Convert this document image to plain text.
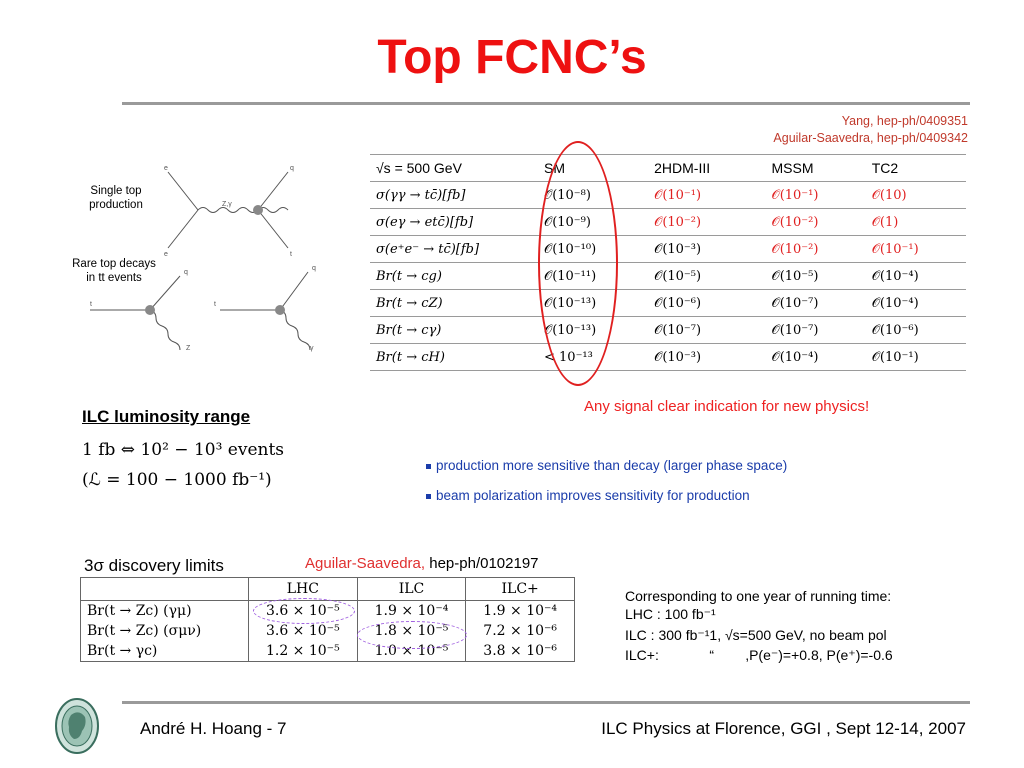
Top FCNC’s
Yang, hep-ph/0409351
Aguilar-Saavedra, hep-ph/0409342
Single top
production
Rare top decays
in tt events
e
e
Z,γ
q
t
t
q
Z
t
q
γ
√s = 500 GeV	SM	2HDM-III	MSSM	TC2
σ(γγ → tc̄)[fb]	𝒪(10⁻⁸)	𝒪(10⁻¹)	𝒪(10⁻¹)	𝒪(10)
σ(eγ → etc̄)[fb]	𝒪(10⁻⁹)	𝒪(10⁻²)	𝒪(10⁻²)	𝒪(1)
σ(e⁺e⁻ → tc̄)[fb]	𝒪(10⁻¹⁰)	𝒪(10⁻³)	𝒪(10⁻²)	𝒪(10⁻¹)
Br(t → cg)	𝒪(10⁻¹¹)	𝒪(10⁻⁵)	𝒪(10⁻⁵)	𝒪(10⁻⁴)
Br(t → cZ)	𝒪(10⁻¹³)	𝒪(10⁻⁶)	𝒪(10⁻⁷)	𝒪(10⁻⁴)
Br(t → cγ)	𝒪(10⁻¹³)	𝒪(10⁻⁷)	𝒪(10⁻⁷)	𝒪(10⁻⁶)
Br(t → cH)	< 10⁻¹³	𝒪(10⁻³)	𝒪(10⁻⁴)	𝒪(10⁻¹)
Any signal clear indication for new physics!
ILC luminosity range
1 fb ⇔ 10² − 10³ events
(ℒ = 100 − 1000 fb⁻¹)
production more sensitive than decay (larger phase space)
beam polarization improves sensitivity for production
3σ discovery limits	Aguilar-Saavedra, hep-ph/0102197
	LHC	ILC	ILC+
Br(t → Zc) (γμ)	3.6 × 10⁻⁵	1.9 × 10⁻⁴	1.9 × 10⁻⁴
Br(t → Zc) (σμν)	3.6 × 10⁻⁵	1.8 × 10⁻⁵	7.2 × 10⁻⁶
Br(t → γc)	1.2 × 10⁻⁵	1.0 × 10⁻⁵	3.8 × 10⁻⁶
Corresponding to one year of running time:
LHC : 100 fb⁻¹
ILC : 300 fb⁻¹1, √s=500 GeV, no beam pol
ILC+:             “        ,P(e⁻)=+0.8, P(e⁺)=-0.6
André H. Hoang - 7	ILC Physics at Florence, GGI , Sept 12-14, 2007
